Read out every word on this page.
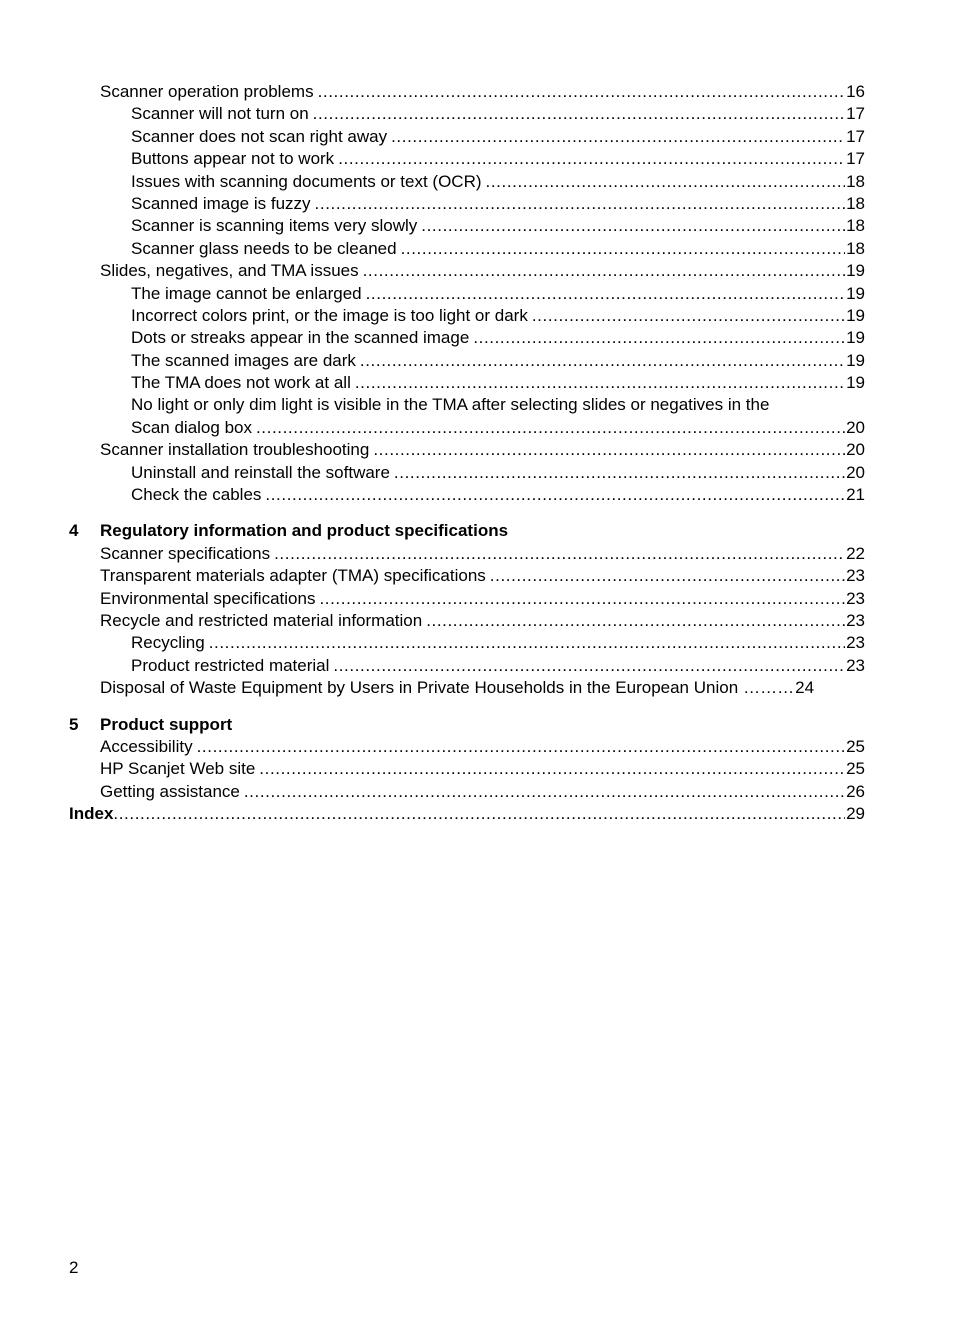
Scanner operation problems .....	16
Scanner will not turn on .....	17
Scanner does not scan right away .....	17
Buttons appear not to work .....	17
Issues with scanning documents or text (OCR) .....	18
Scanned image is fuzzy .....	18
Scanner is scanning items very slowly .....	18
Scanner glass needs to be cleaned .....	18
Slides, negatives, and TMA issues .....	19
The image cannot be enlarged .....	19
Incorrect colors print, or the image is too light or dark .....	19
Dots or streaks appear in the scanned image .....	19
The scanned images are dark .....	19
The TMA does not work at all .....	19
No light or only dim light is visible in the TMA after selecting slides or negatives in the
Scan dialog box .....	20
Scanner installation troubleshooting .....	20
Uninstall and reinstall the software .....	20
Check the cables .....	21
4 Regulatory information and product specifications
Scanner specifications .....	22
Transparent materials adapter (TMA) specifications .....	23
Environmental specifications .....	23
Recycle and restricted material information .....	23
Recycling .....	23
Product restricted material .....	23
Disposal of Waste Equipment by Users in Private Households in the European Union ……… 24
5 Product support
Accessibility .....	25
HP Scanjet Web site .....	25
Getting assistance .....	26
Index .....	29
2
